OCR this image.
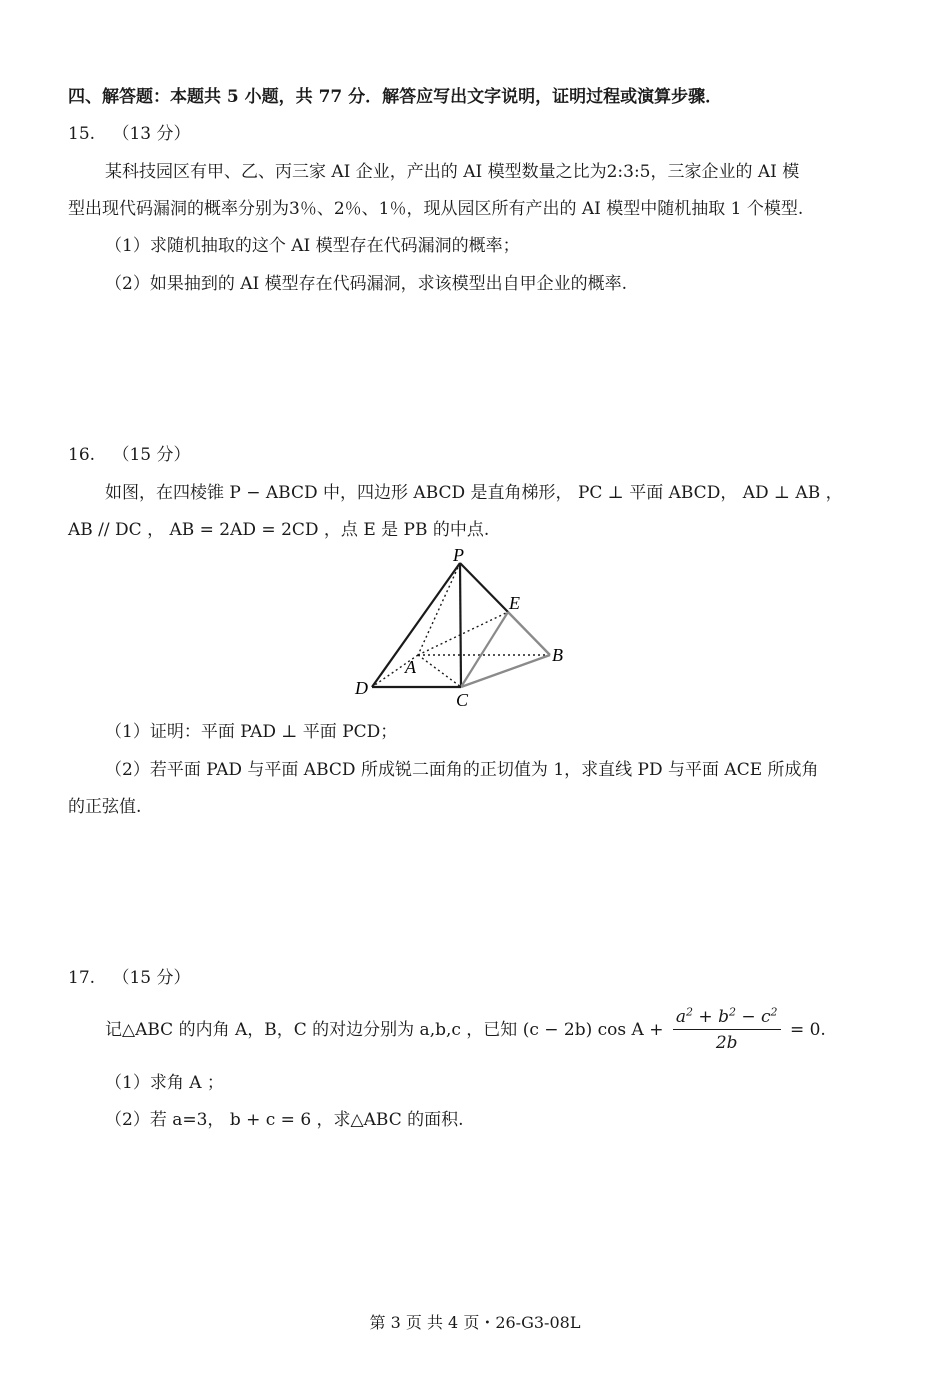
四、解答题：本题共 5 小题，共 77 分．解答应写出文字说明，证明过程或演算步骤．
15. （13 分）
某科技园区有甲、乙、丙三家 AI 企业，产出的 AI 模型数量之比为2:3:5，三家企业的 AI 模
型出现代码漏洞的概率分别为3％、2％、1％，现从园区所有产出的 AI 模型中随机抽取 1 个模型.
（1）求随机抽取的这个 AI 模型存在代码漏洞的概率；
（2）如果抽到的 AI 模型存在代码漏洞，求该模型出自甲企业的概率.
16. （15 分）
如图，在四棱锥 P − ABCD 中，四边形 ABCD 是直角梯形， PC ⊥ 平面 ABCD， AD ⊥ AB ，
AB // DC ， AB = 2AD = 2CD ，点 E 是 PB 的中点.
P
E
A
B
C
D
（1）证明：平面 PAD ⊥ 平面 PCD；
（2）若平面 PAD 与平面 ABCD 所成锐二面角的正切值为 1，求直线 PD 与平面 ACE 所成角
的正弦值.
17. （15 分）
记△ABC 的内角 A，B，C 的对边分别为 a,b,c ，已知 (c − 2b) $\cos A + \frac{a^2 + b^2 - c^2}{2b} = 0$.
（1）求角 A ；
（2）若 a=3， b + c = 6 ，求△ABC 的面积.
第 3 页 共 4 页・26-G3-08L
